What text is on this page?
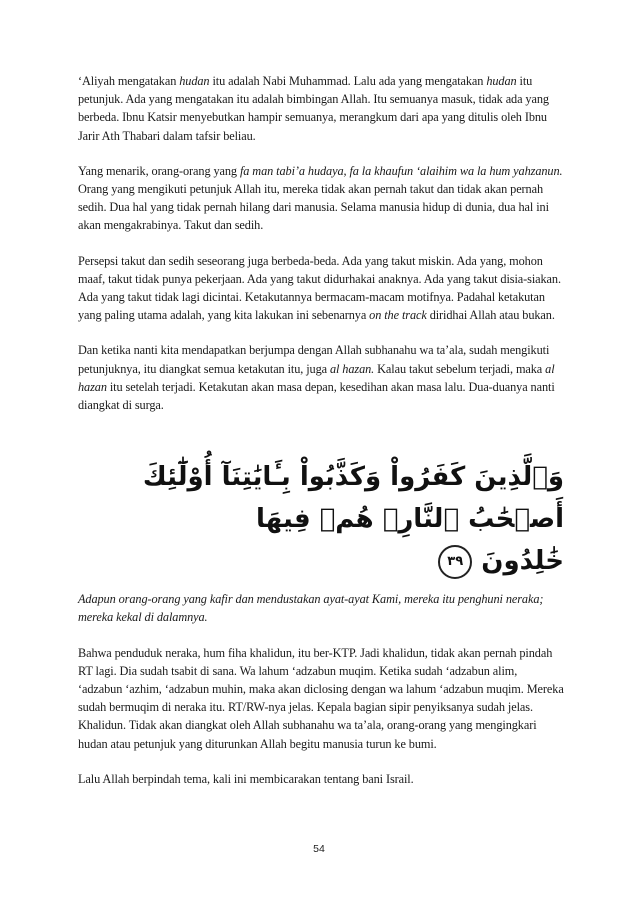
‘Aliyah mengatakan hudan itu adalah Nabi Muhammad. Lalu ada yang mengatakan hudan itu petunjuk. Ada yang mengatakan itu adalah bimbingan Allah. Itu semuanya masuk, tidak ada yang berbeda. Ibnu Katsir menyebutkan hampir semuanya, merangkum dari apa yang ditulis oleh Ibnu Jarir Ath Thabari dalam tafsir beliau.

Yang menarik, orang-orang yang fa man tabi’a hudaya, fa la khaufun ‘alaihim wa la hum yahzanun. Orang yang mengikuti petunjuk Allah itu, mereka tidak akan pernah takut dan tidak akan pernah sedih. Dua hal yang tidak pernah hilang dari manusia. Selama manusia hidup di dunia, dua hal ini akan mengakrabinya. Takut dan sedih.

Persepsi takut dan sedih seseorang juga berbeda-beda. Ada yang takut miskin. Ada yang, mohon maaf, takut tidak punya pekerjaan. Ada yang takut didurhakai anaknya. Ada yang takut disia-siakan. Ada yang takut tidak lagi dicintai. Ketakutannya bermacam-macam motifnya. Padahal ketakutan yang paling utama adalah, yang kita lakukan ini sebenarnya on the track diridhai Allah atau bukan.

Dan ketika nanti kita mendapatkan berjumpa dengan Allah subhanahu wa ta’ala, sudah mengikuti petunjuknya, itu diangkat semua ketakutan itu, juga al hazan. Kalau takut sebelum terjadi, maka al hazan itu setelah terjadi. Ketakutan akan masa depan, kesedihan akan masa lalu. Dua-duanya nanti diangkat di surga.

وَٱلَّذِينَ كَفَرُواْ وَكَذَّبُواْ بِـَٔايَٰتِنَآ أُوْلَٰٓئِكَ أَصۡحَٰبُ ٱلنَّارِۖ هُمۡ فِيهَا
خَٰلِدُونَ ٣٩

Adapun orang-orang yang kafir dan mendustakan ayat-ayat Kami, mereka itu penghuni neraka; mereka kekal di dalamnya.

Bahwa penduduk neraka, hum fiha khalidun, itu ber-KTP. Jadi khalidun, tidak akan pernah pindah RT lagi. Dia sudah tsabit di sana. Wa lahum ‘adzabun muqim. Ketika sudah ‘adzabun alim, ‘adzabun ‘azhim, ‘adzabun muhin, maka akan diclosing dengan wa lahum ‘adzabun muqim. Mereka sudah bermuqim di neraka itu. RT/RW-nya jelas. Kepala bagian sipir penyiksanya sudah jelas. Khalidun. Tidak akan diangkat oleh Allah subhanahu wa ta’ala, orang-orang yang mengingkari hudan atau petunjuk yang diturunkan Allah begitu manusia turun ke bumi.

Lalu Allah berpindah tema, kali ini membicarakan tentang bani Israil.

54
